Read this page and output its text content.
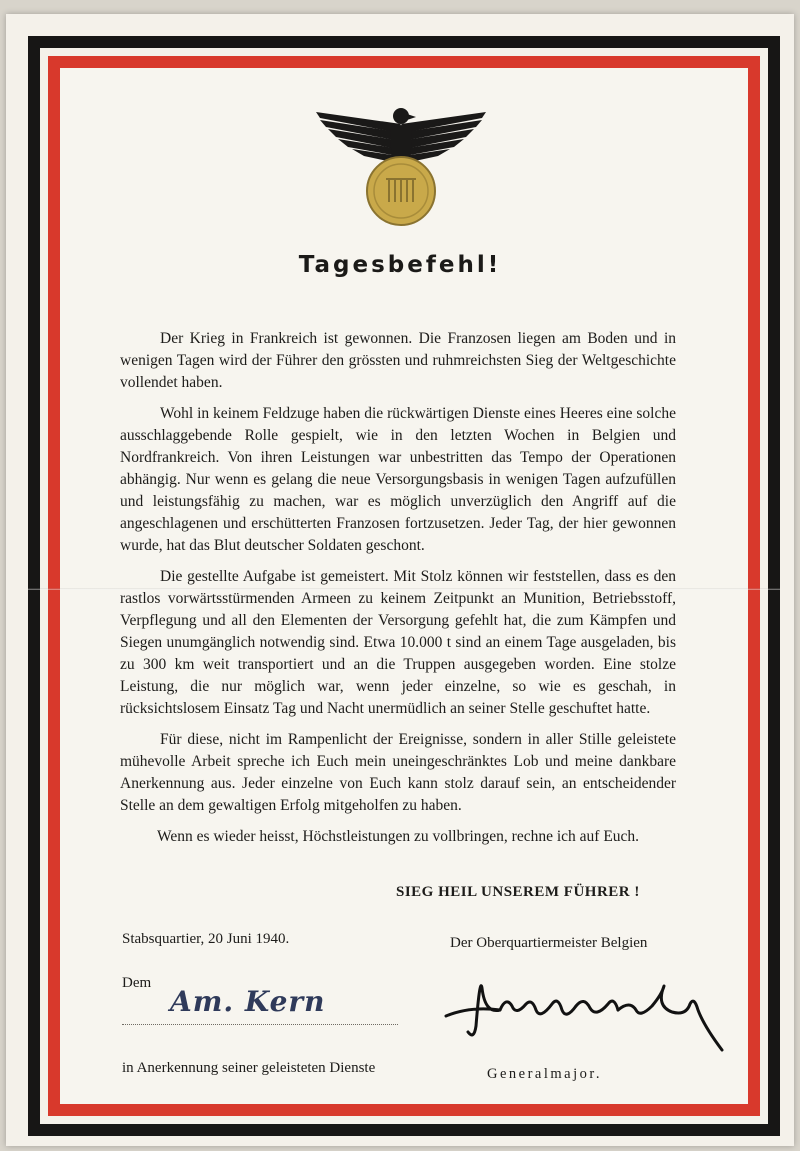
Tagesbefehl!

Der Krieg in Frankreich ist gewonnen. Die Franzosen liegen am Boden und in wenigen Tagen wird der Führer den grössten und ruhmreichsten Sieg der Weltgeschichte vollendet haben.

Wohl in keinem Feldzuge haben die rückwärtigen Dienste eines Heeres eine solche ausschlaggebende Rolle gespielt, wie in den letzten Wochen in Belgien und Nordfrankreich. Von ihren Leistungen war unbestritten das Tempo der Operationen abhängig. Nur wenn es gelang die neue Versorgungsbasis in wenigen Tagen aufzufüllen und leistungsfähig zu machen, war es möglich unverzüglich den Angriff auf die angeschlagenen und erschütterten Franzosen fortzusetzen. Jeder Tag, der hier gewonnen wurde, hat das Blut deutscher Soldaten geschont.

Die gestellte Aufgabe ist gemeistert. Mit Stolz können wir feststellen, dass es den rastlos vorwärtsstürmenden Armeen zu keinem Zeitpunkt an Munition, Betriebsstoff, Verpflegung und all den Elementen der Versorgung gefehlt hat, die zum Kämpfen und Siegen unumgänglich notwendig sind. Etwa 10.000 t sind an einem Tage ausgeladen, bis zu 300 km weit transportiert und an die Truppen ausgegeben worden. Eine stolze Leistung, die nur möglich war, wenn jeder einzelne, so wie es geschah, in rücksichtslosem Einsatz Tag und Nacht unermüdlich an seiner Stelle geschuftet hatte.

Für diese, nicht im Rampenlicht der Ereignisse, sondern in aller Stille geleistete mühevolle Arbeit spreche ich Euch mein uneingeschränktes Lob und meine dankbare Anerkennung aus. Jeder einzelne von Euch kann stolz darauf sein, an entscheidender Stelle an dem gewaltigen Erfolg mitgeholfen zu haben.

Wenn es wieder heisst, Höchstleistungen zu vollbringen, rechne ich auf Euch.

SIEG HEIL UNSEREM FÜHRER !
Stabsquartier, 20 Juni 1940.	Der Oberquartiermeister Belgien
Dem
Am. Kern
in Anerkennung seiner geleisteten Dienste	Generalmajor.
